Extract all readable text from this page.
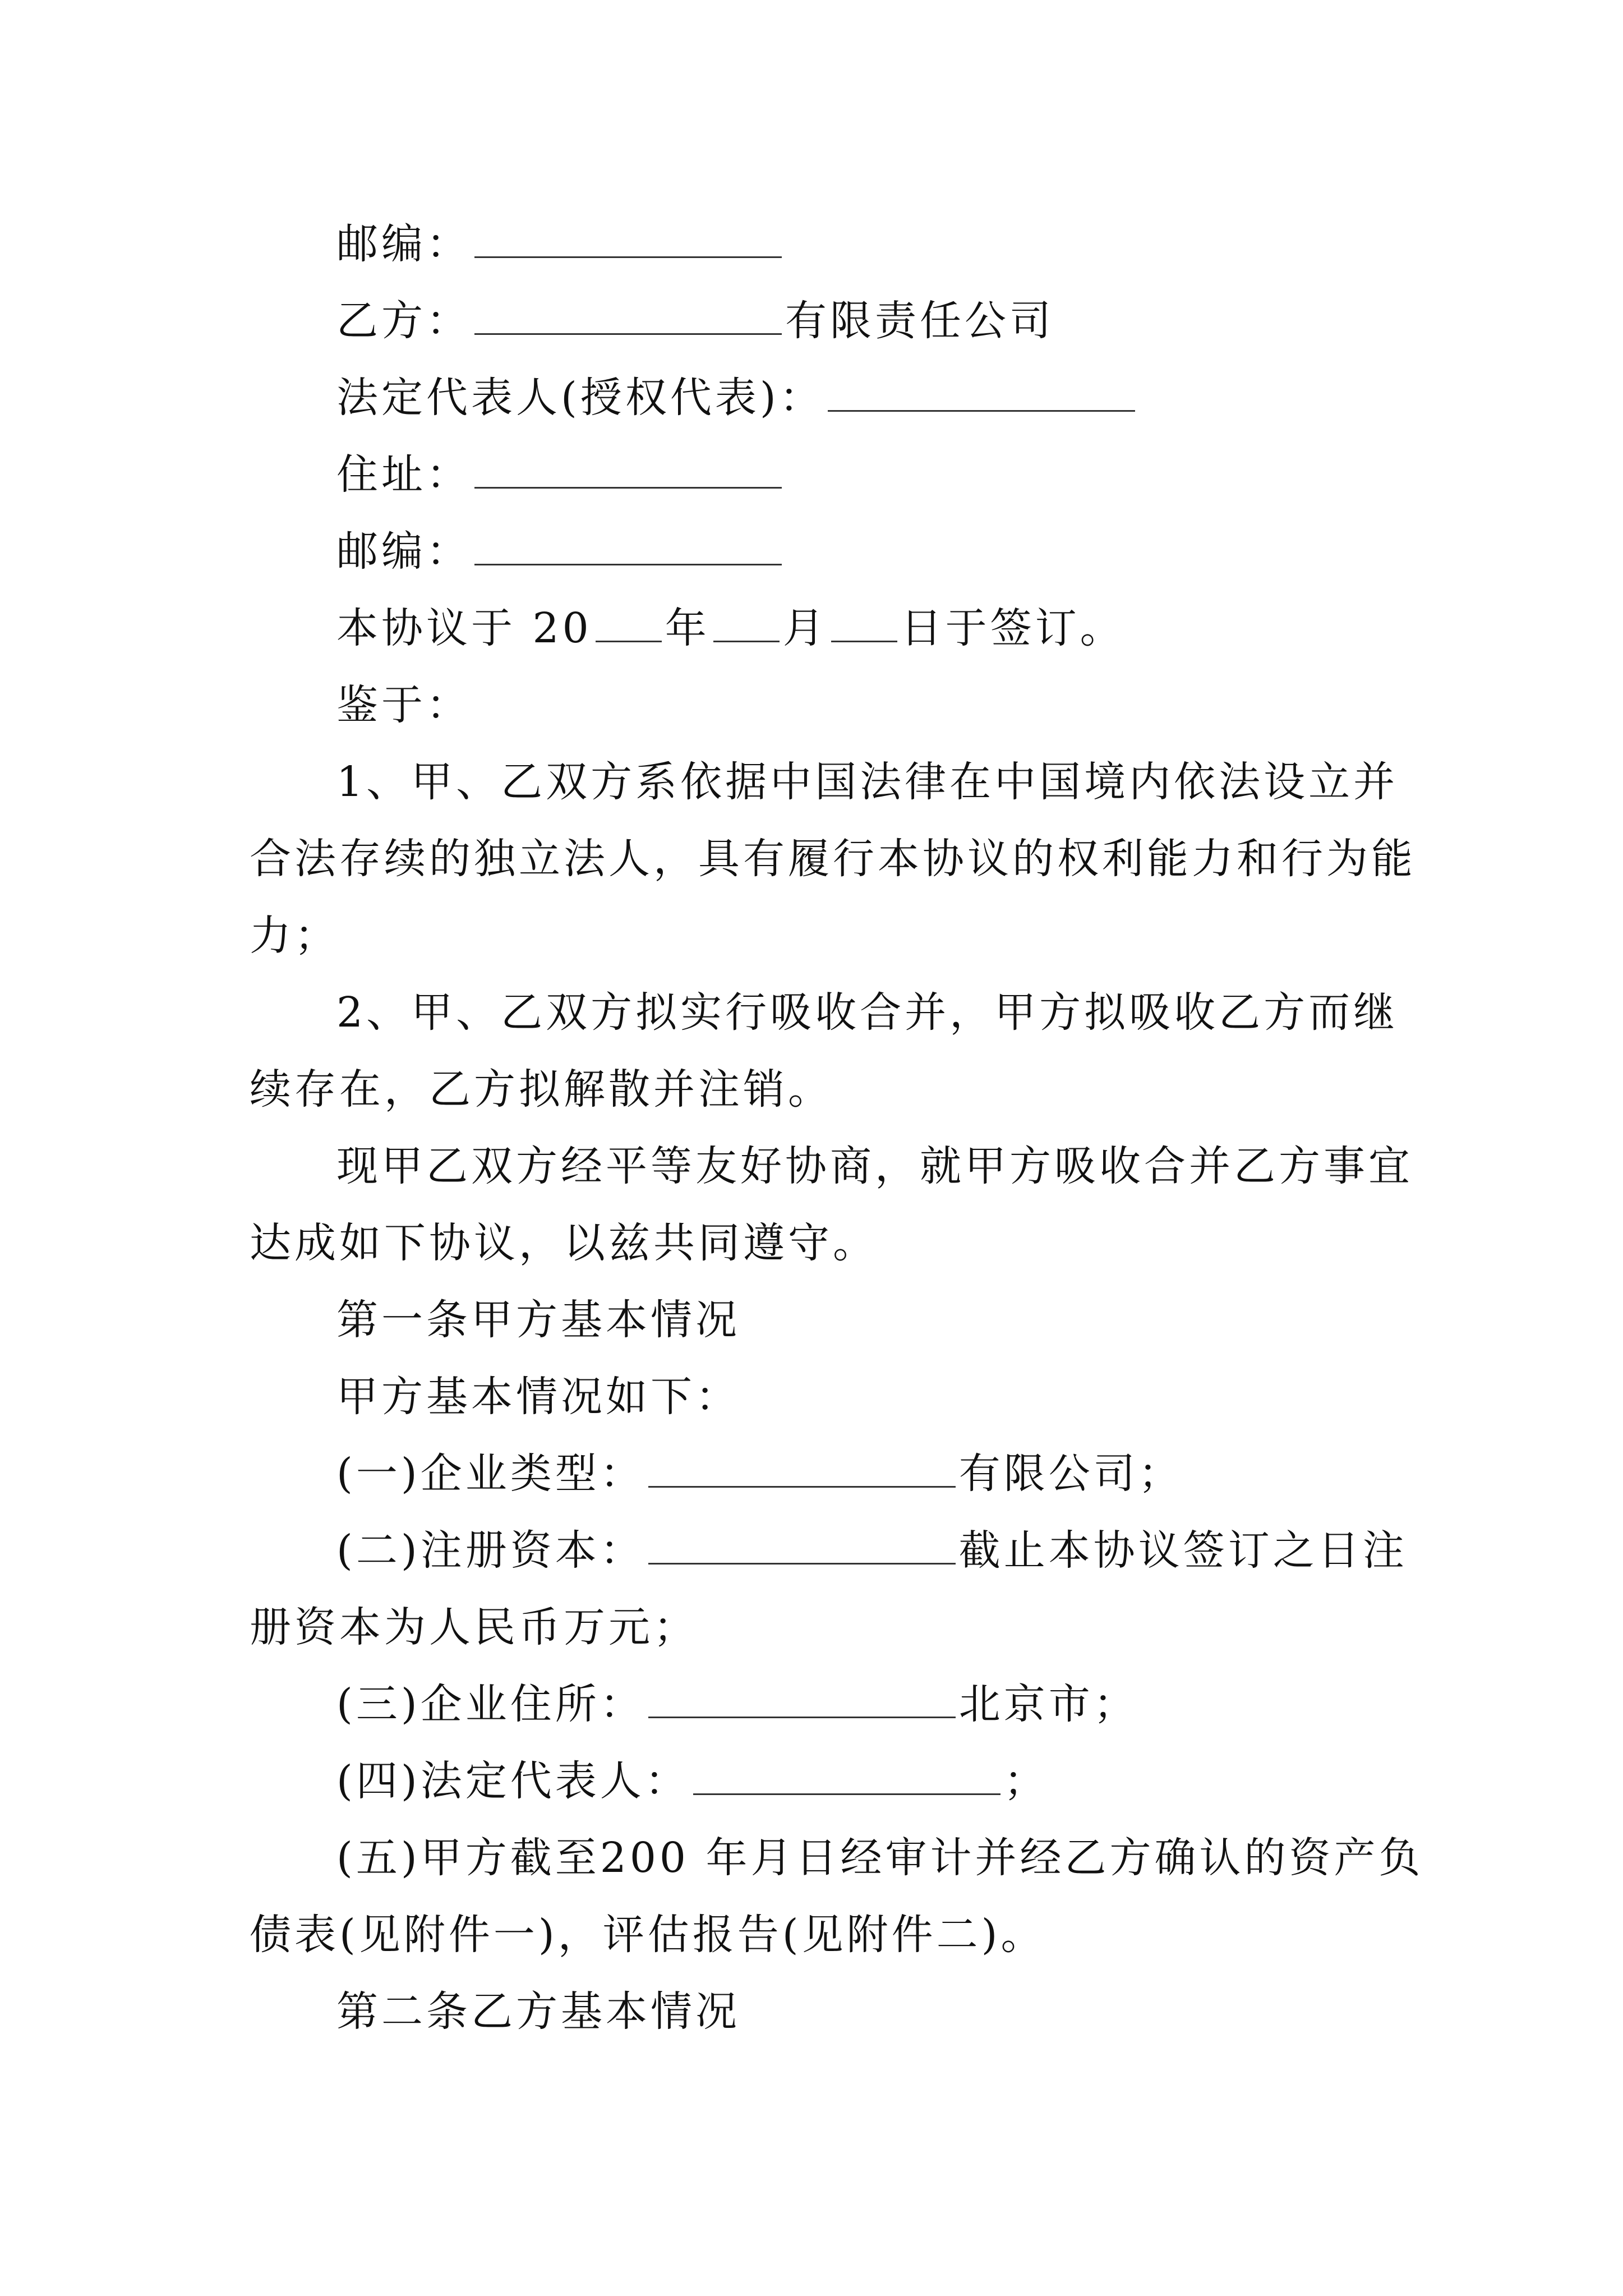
邮编：
乙方：	有限责任公司
法定代表人(授权代表)：
住址：
邮编：
本协议于 20 年 月 日于签订。
鉴于：
1、甲、乙双方系依据中国法律在中国境内依法设立并
合法存续的独立法人，具有履行本协议的权利能力和行为能
力；
2、甲、乙双方拟实行吸收合并，甲方拟吸收乙方而继
续存在，乙方拟解散并注销。
现甲乙双方经平等友好协商，就甲方吸收合并乙方事宜
达成如下协议，以兹共同遵守。
第一条甲方基本情况
甲方基本情况如下：
(一)企业类型：	有限公司；
(二)注册资本：	截止本协议签订之日注
册资本为人民币万元；
(三)企业住所：	北京市；
(四)法定代表人：	；
(五)甲方截至200 年月日经审计并经乙方确认的资产负
债表(见附件一)，评估报告(见附件二)。
第二条乙方基本情况
